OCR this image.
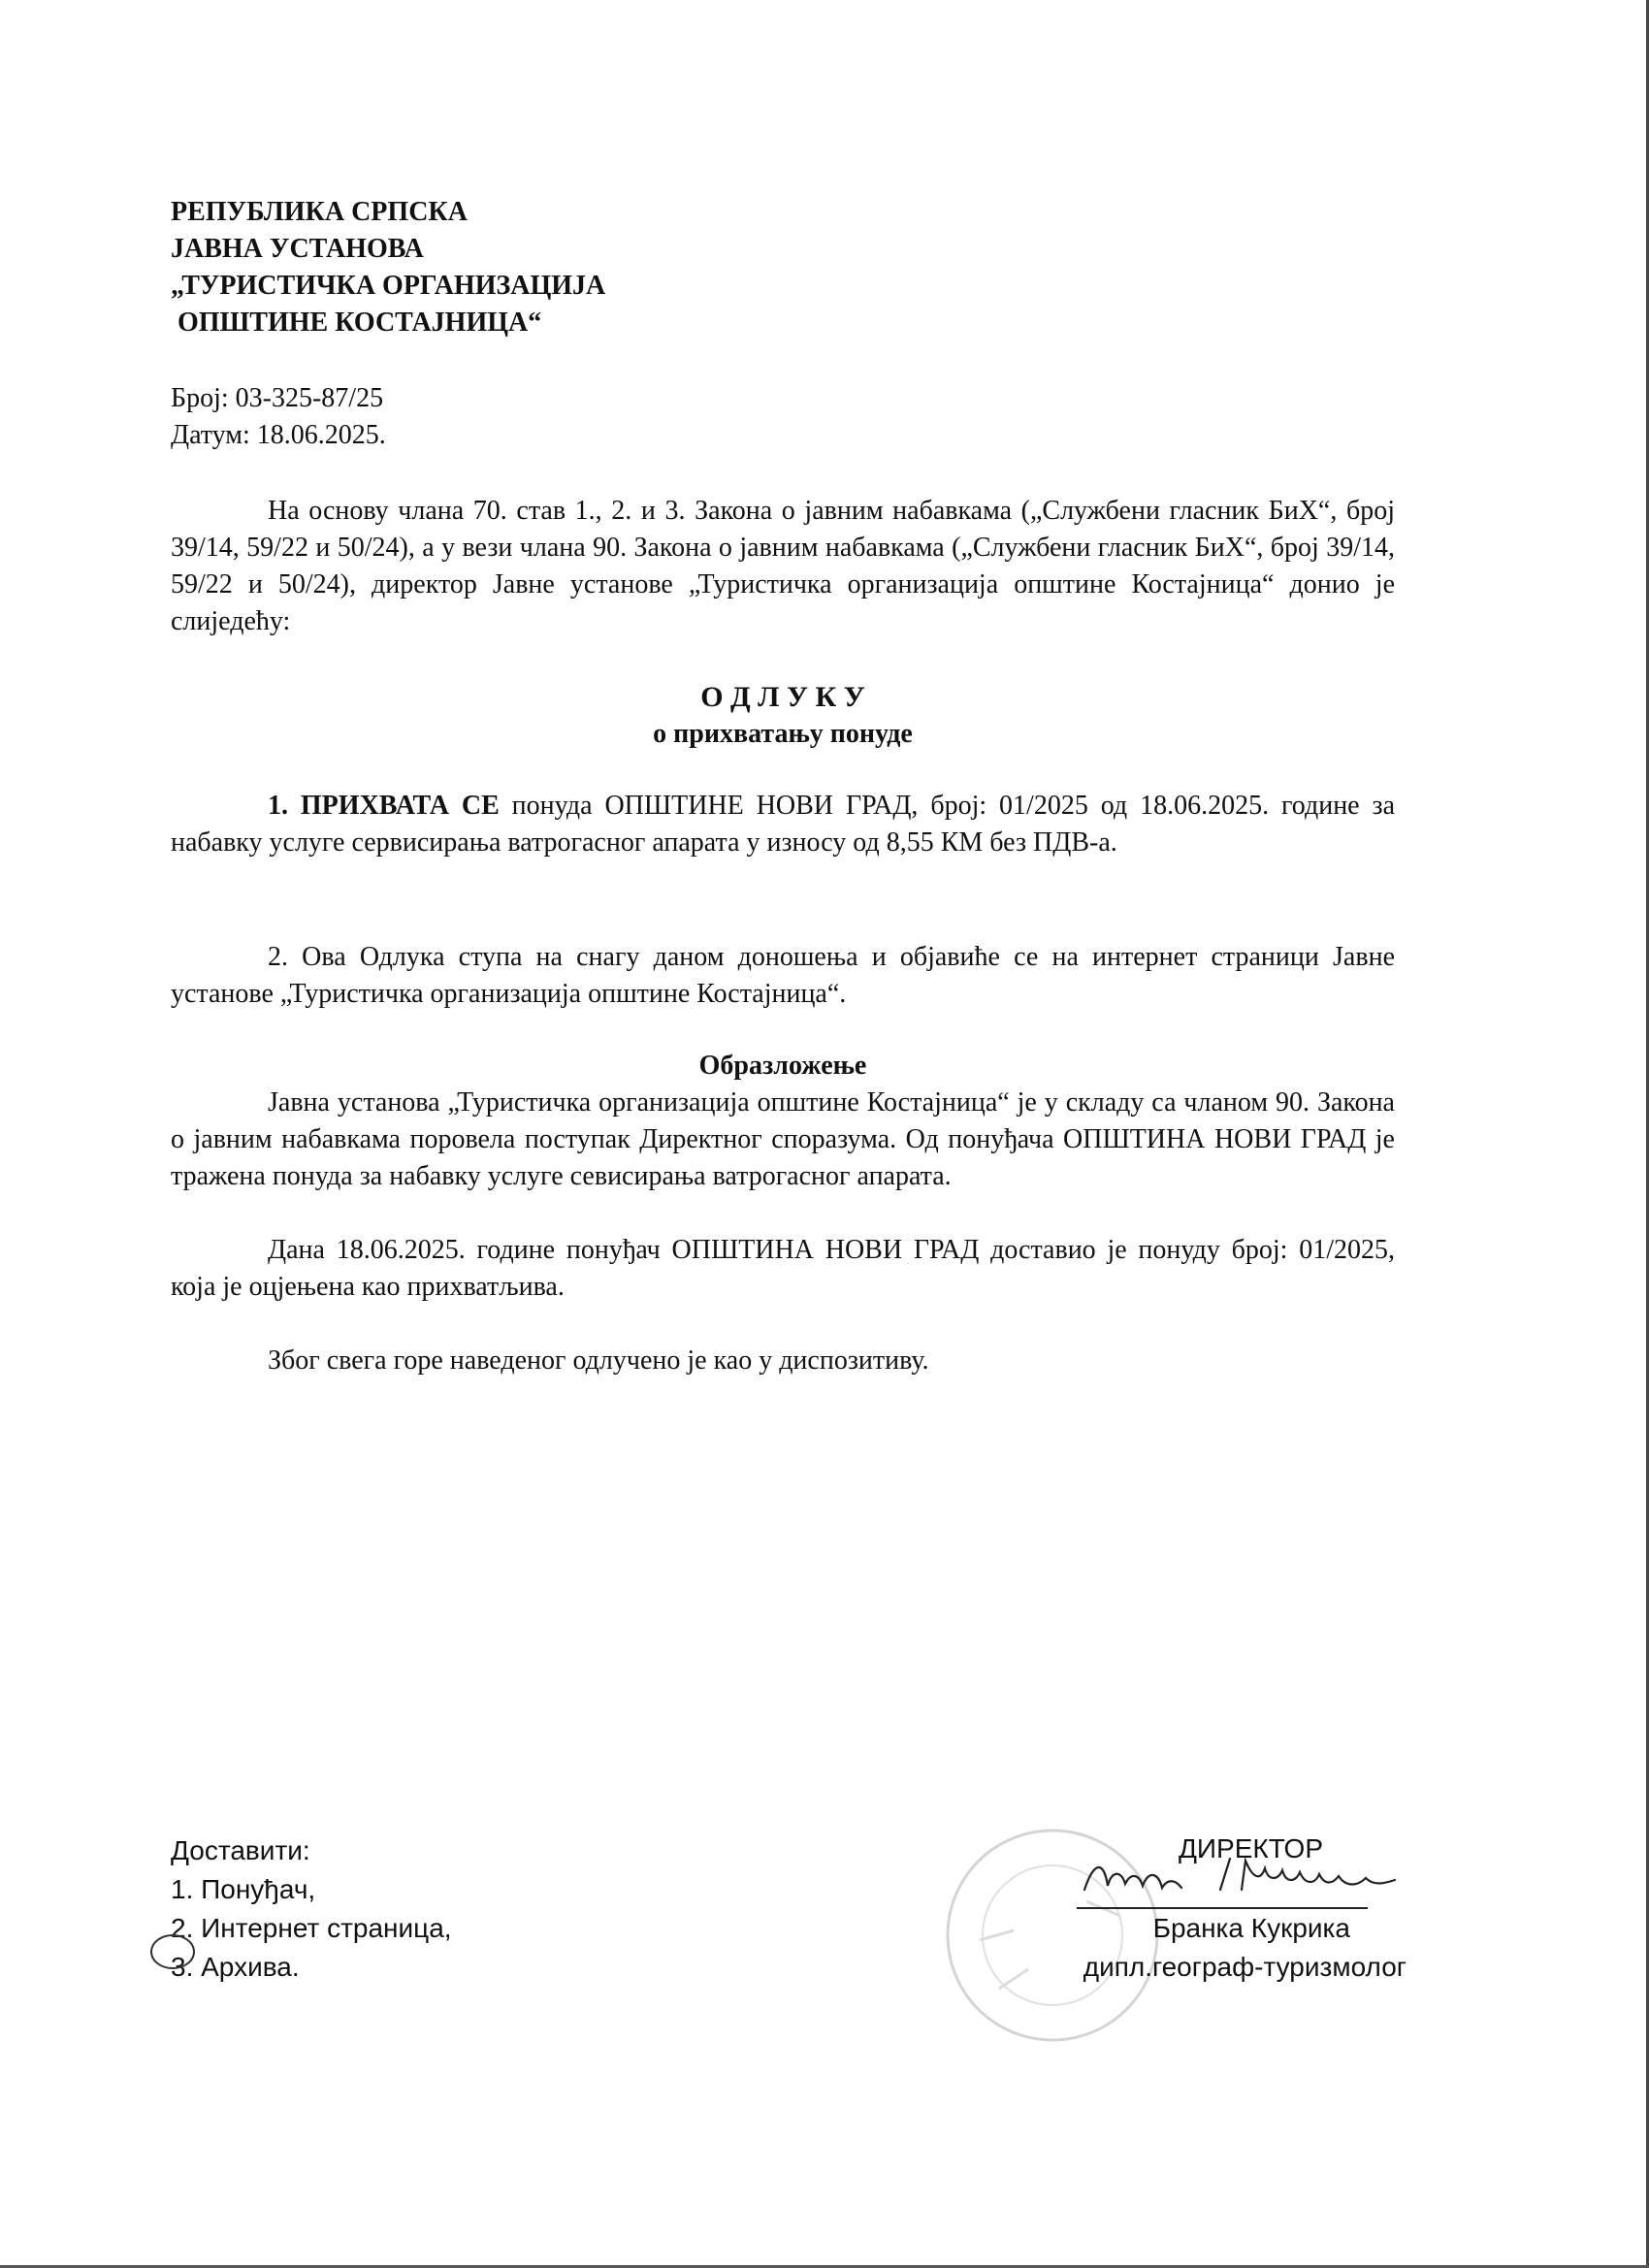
РЕПУБЛИКА СРПСКА
ЈАВНА УСТАНОВА
„ТУРИСТИЧКА ОРГАНИЗАЦИЈА
ОПШТИНЕ КОСТАЈНИЦА“
Број: 03-325-87/25
Датум: 18.06.2025.
На основу члана 70. став 1., 2. и 3. Закона о јавним набавкама („Службени гласник БиХ“, број 39/14, 59/22 и 50/24), а у вези члана 90. Закона о јавним набавкама („Службени гласник БиХ“, број 39/14, 59/22 и 50/24), директор Јавне установе „Туристичка организација општине Костајница“ донио је слиједећу:
О Д Л У К У
о прихватању понуде
1. ПРИХВАТА СЕ понуда ОПШТИНЕ НОВИ ГРАД, број: 01/2025 од 18.06.2025. године за набавку услуге сервисирања ватрогасног апарата у износу од 8,55 КМ без ПДВ-а.
2. Ова Одлука ступа на снагу даном доношења и објавиће се на интернет страници Јавне установе „Туристичка организација општине Костајница“.
Образложење
Јавна установа „Туристичка организација општине Костајница“ је у складу са чланом 90. Закона о јавним набавкама поровела поступак Директног споразума. Од понуђача ОПШТИНА НОВИ ГРАД је тражена понуда за набавку услуге севисирања ватрогасног апарата.
Дана 18.06.2025. године понуђач ОПШТИНА НОВИ ГРАД доставио је понуду број: 01/2025, која је оцјењена као прихватљива.
Због свега горе наведеног одлучено је као у диспозитиву.
Доставити:
1. Понуђач,
2. Интернет страница,
3. Архива.
ДИРЕКТОР
Бранка Кукрика
дипл.географ-туризмолог
